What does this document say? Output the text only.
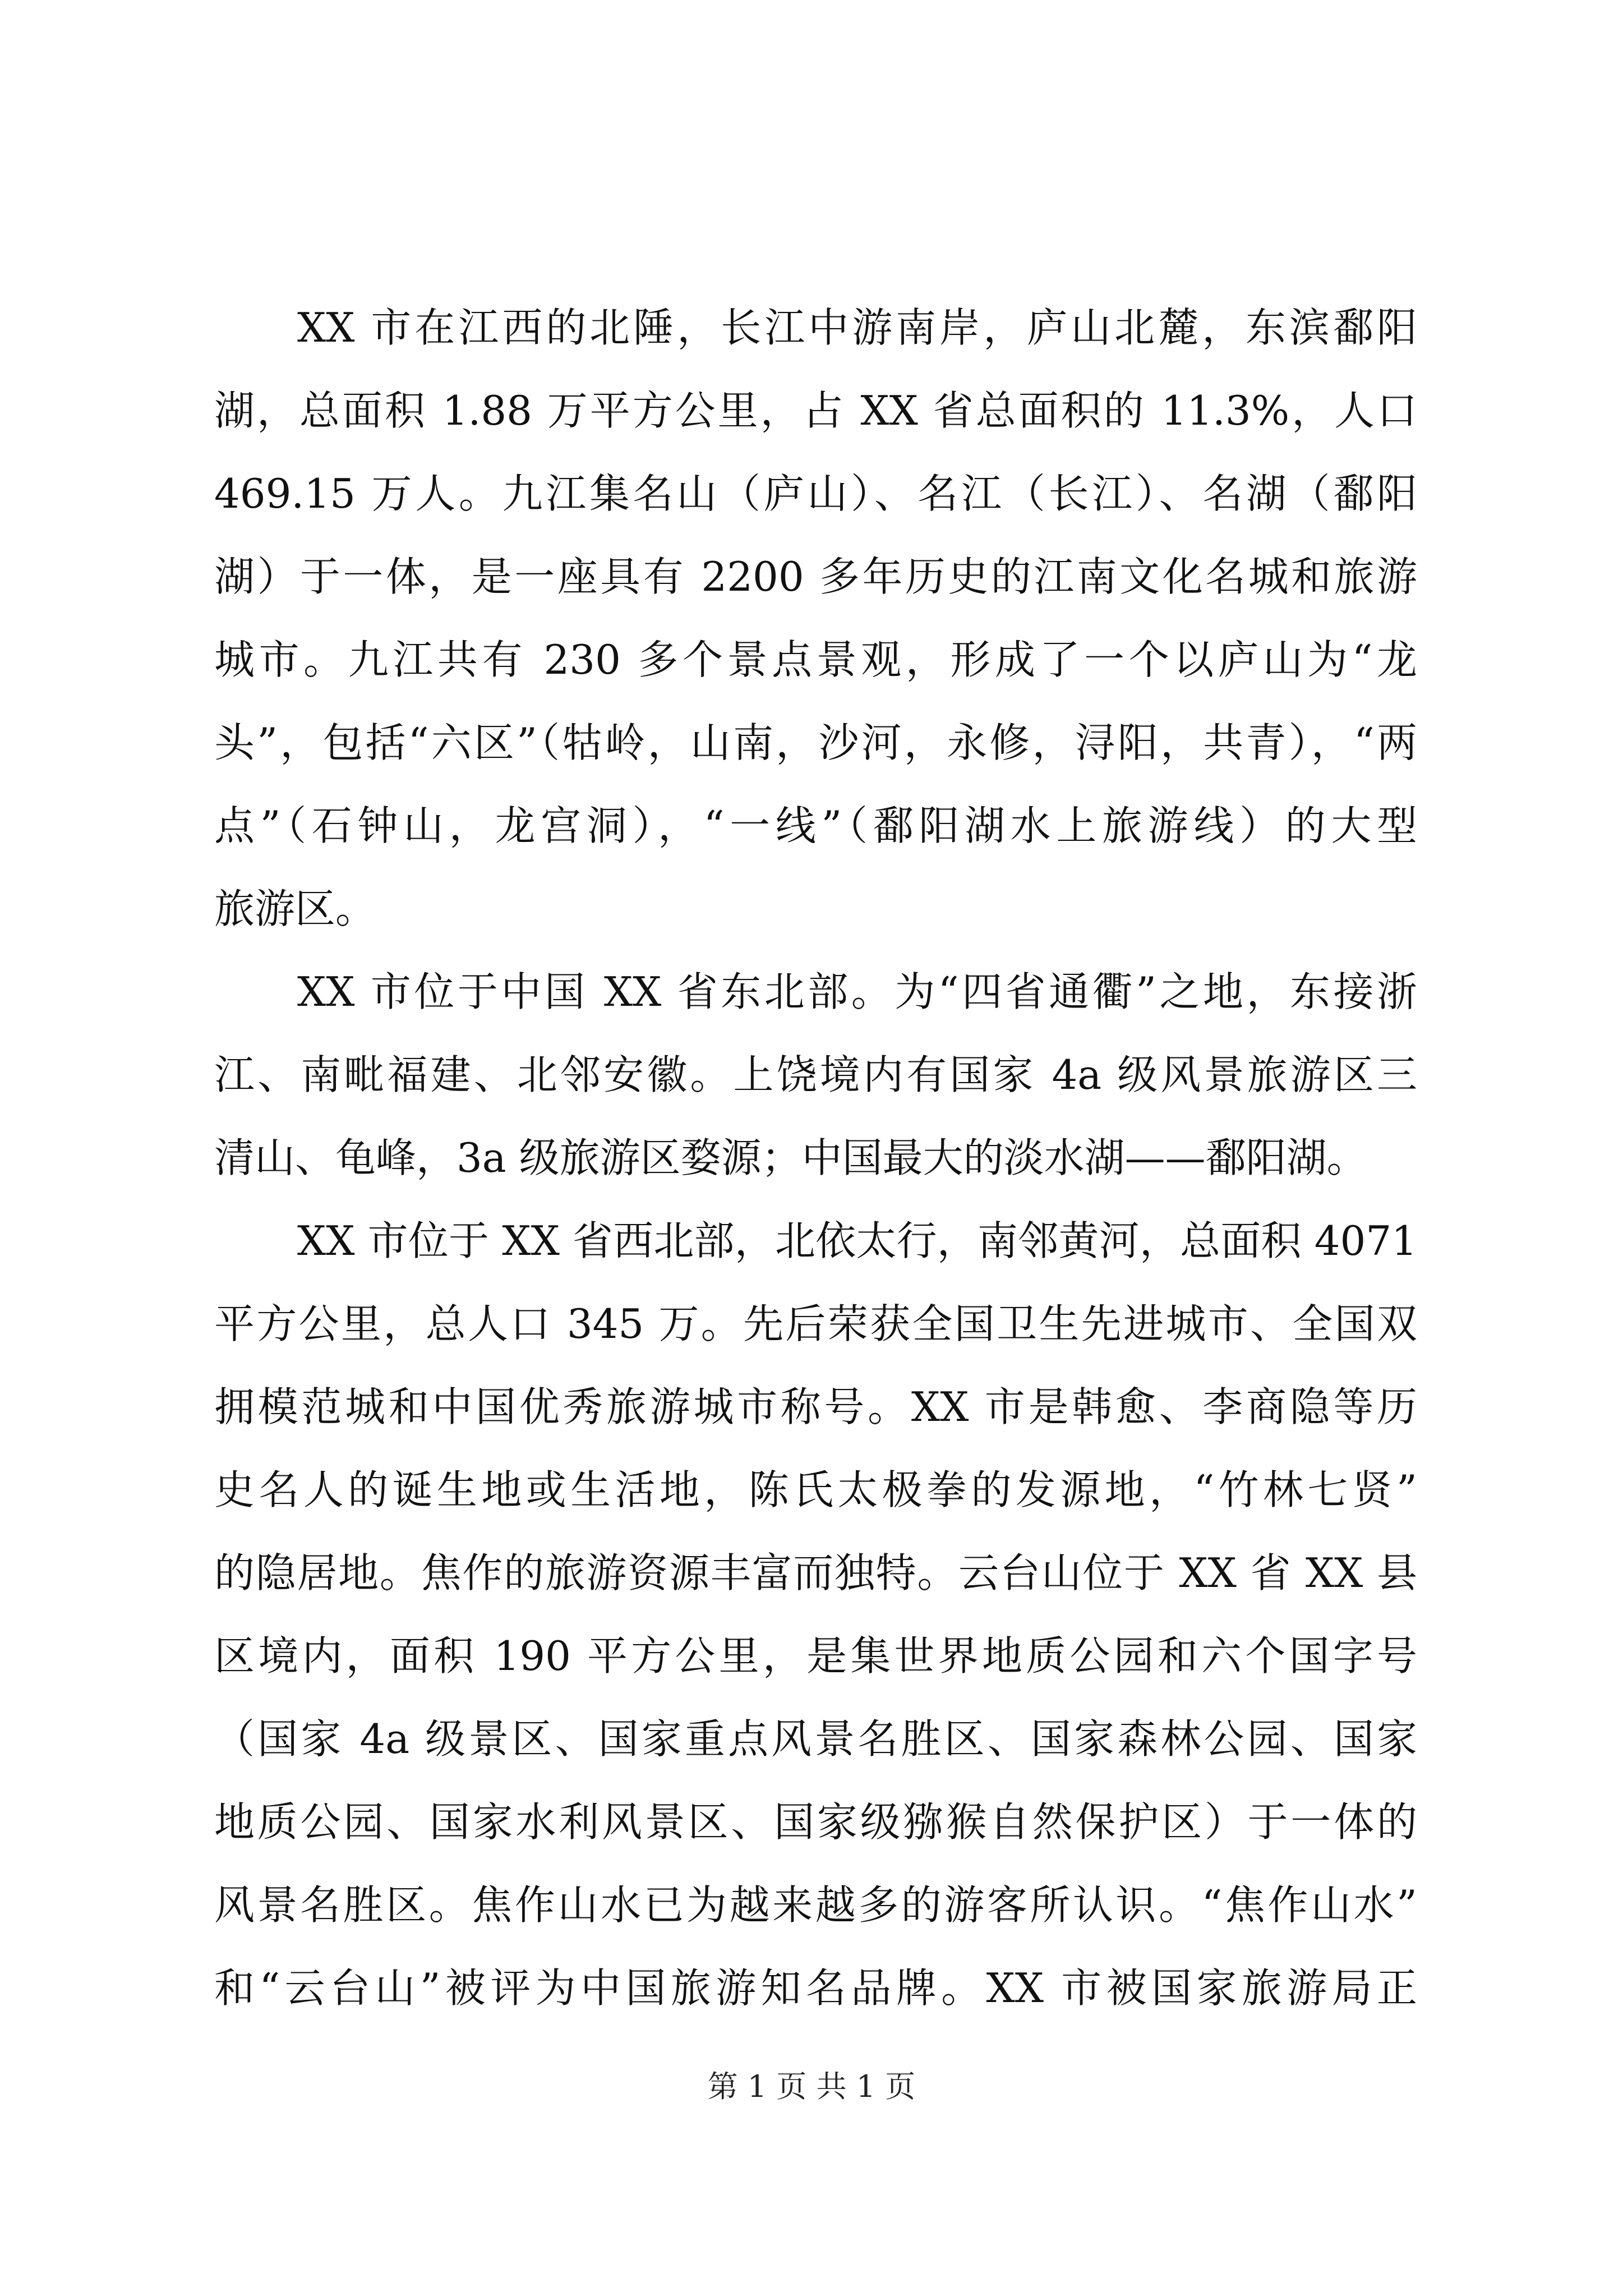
XX 市在江西的北陲，长江中游南岸，庐山北麓，东滨鄱阳
湖，总面积 1.88 万平方公里，占 XX 省总面积的 11.3%，人口
469.15 万人。九江集名山（庐山）、名江（长江）、名湖（鄱阳
湖）于一体，是一座具有 2200 多年历史的江南文化名城和旅游
城市。九江共有 230 多个景点景观，形成了一个以庐山为“龙
头”，包括“六区”（牯岭，山南，沙河，永修，浔阳，共青），“两
点”（石钟山，龙宫洞），“一线”（鄱阳湖水上旅游线）的大型
旅游区。
XX 市位于中国 XX 省东北部。为“四省通衢”之地，东接浙
江、南毗福建、北邻安徽。上饶境内有国家 4a 级风景旅游区三
清山、龟峰，3a 级旅游区婺源；中国最大的淡水湖——鄱阳湖。
XX 市位于 XX 省西北部，北依太行，南邻黄河，总面积 4071
平方公里，总人口 345 万。先后荣获全国卫生先进城市、全国双
拥模范城和中国优秀旅游城市称号。XX 市是韩愈、李商隐等历
史名人的诞生地或生活地，陈氏太极拳的发源地，“竹林七贤”
的隐居地。焦作的旅游资源丰富而独特。云台山位于 XX 省 XX 县
区境内，面积 190 平方公里，是集世界地质公园和六个国字号
（国家 4a 级景区、国家重点风景名胜区、国家森林公园、国家
地质公园、国家水利风景区、国家级猕猴自然保护区）于一体的
风景名胜区。焦作山水已为越来越多的游客所认识。“焦作山水”
和“云台山”被评为中国旅游知名品牌。XX 市被国家旅游局正
第 1 页 共 1 页
